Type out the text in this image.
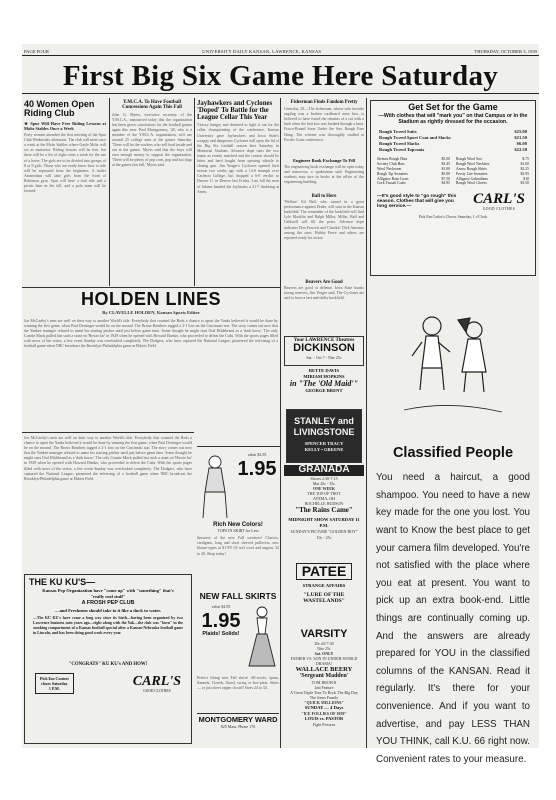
PAGE FOUR	UNIVERSITY DAILY KANSAN, LAWRENCE, KANSAS	THURSDAY, OCTOBER 5, 1939
First Big Six Game Here Saturday
40 Women Open Riding Club
★ Spur Will Have Free Riding Lessons at Mohr Stables Once a Week
Forty women attended the first meeting of the Spur Club Wednesday afternoon. The club will meet once a week at the Mohr Stables where Gayle Mohr will act as instructor. Riding lessons will be free, but there will be a fee of eight cents a week for the use of a horse. The girls are to be divided into groups of 8 or 9 girls. Those who are ready know how to ride will be separated from the beginners. A trailer Amsterdam will take girls from the front of Robinson gym. Spur will have a trail ride and a picnic later in the fall, and a polo team will be formed.
Y.M.C.A. To Have Football Concessions Again This Fall
John G. Myers, executive secretary of the Y.M.C.A., announced today that the organization has been given concessions for the football games again this year. Paul Montgomery, '40, who is a member of the Y.M.C.A. organization, will use around 25 college men at the games Saturday. 'These will be the workers who sell food inside and out at the games. Myers said that the boys will earn enough money to support the organization. 'There will be plenty of pop corn, pop and hot dogs at the games this fall,' Myers said.
Jayhawkers and Cyclones 'Doped' To Battle for the League Cellar This Year
Victory hungry and destined to fight it out for the cellar championship of the conference, Kansas University gave Jayhawkers and Iowa State's scrappy and dangerous Cyclones will open the lid of the Big Six football season here Saturday in Memorial Stadium. Advance dope rates the two teams as evenly matched and the contest should be bitter and hard fought from opening whistle to closing gun. Jim Yeager's Cyclones opened their season two weeks ago with a 14-6 triumph over Carleton College, but dropped a 6-0 verdict to Denver U. in Denver last Friday. Last fall the men of Adams handed the Jayhawks a 21-7 drubbing at Ames.
HOLDEN LINES
By CLAVELLE HOLDEN, Kansan Sports Editor
Joe McCarthy's men are well on their way to another World's title. Everybody that counted the Reds a chance to upset the Yanks believed it would be done by winning the first game, when Paul Derringer would be on the mound. The Bronx Bombers tagged a 2-1 loss on the Cincinnati star. The story comes out now that the Yankee manager refused to name his starting pitcher until just before game time. Some thought he might start Oral Hildebrand as a 'dark horse.' The only Connie Mack pulled last such a stunt on 'Howie Jar' in 1929 when he opened with Howard Ehmke, who proceeded to defeat the Cubs. With the sports pages filled with news of the series, a few event Sunday was overlooked completely. The Dodgers, who have captured the National League, pioneered the televising of a football game when NBC broadcast the Brooklyn-Philadelphia game at Ebbets Field.
Fisherman Finds Fandom Pretty
Centralia, Ill.—The fisherman, whose sole favorite angling was a broken cardboard rinse box, is believed to have found the remains of a cat with a bath when the bait box was hooked through a knot. Frisco-Bound Soon Under the Sea. Rough Fare Hung. The scheme was thoroughly studied at Pacific Coast conference.
Engineer Book Exchange To Fill
The engineering book exchange will be open today and tomorrow, a spokesman said. Engineering students may turn in books at the office of the engineering building.
Ball to Here
'Welfare' Ed Ball, who turned in a great performance against Drake, will start in the Kansas backfield. The remainder of the backfield will find Lyle Macklin and Ralph Miller, Miller, Ball and Caldwell will fill the posts. Advance dope indicates Don Fawcett and 'Chuckie' Dick Amerine among the stars. Hobby Perce and others are reported ready for action.
Beavers Are Good
Beavers are good at defense. Iowa State boasts strong reserves, Jim Yeager said. The Cyclones are said to have a fast and shifty backfield.
Get Set for the Game
—With clothes that will "mark you" on that Campus or in the Stadium as rightly dressed for the occasion.
Rough Tweed Suits	$25.00
Rough Tweed Sport Coat and Slacks	$21.50
Rough Tweed Slacks	$6.00
Rough Tweed Topcoats	$22.50
Stetson Rough Hats	$5.00
Society Club Hats	$3.45
Wool Neckwear	$1.00
Rough Tip Sweaters	$5.00
Alligator Rain Coats	$7.50
Cork Tussah Coats	$4.95
Rough Wool Sox	$.75
Rough Wool Neckties	$1.00
Arrow Rough Shirts	$2.25
Frosty Lite Sweaters	$2.95
Alligator Gabardines	$10
Rough Wool Gloves	$3.50
—It's good style to "go rough" this season. Clothes that will give you long service.—	CARL'S
GOOD CLOTHES
Pick Em Carlos's Clown, Saturday, 1 o'Clock
Your LAWRENCE Theatres
DICKINSON
Sat. - Oct 7 - Nite 25c
BETTE DAVIS
MIRIAM HOPKINS
in "The 'Old Maid'"
GEORGE BRENT
STANLEY and LIVINGSTONE
SPENCER TRACY
KELLY • GREENE
GRANADA
Shows 2:30-7:15
Mat 20c - 35c
ONE WEEK
THE TOP OF TROT
AYEMA, OH
ROCHELLE HUDSON
"The Rains Came"
MIDNIGHT SHOW SATURDAY 11 P.M.
SUNDAY'S PICTURE "GOLDEN BOY"
10c - 25c
PATEE
STRANGE AFFAIRS
"LURE OF THE WASTELANDS"
VARSITY
20c till 7:30
Nite 25c
Sat. ONLY
FATHER VS. SON IN UNDER-WORLD DRAMA!
WALLACE BEERY
'Sergeant Madden'
TOM BROWN
2nd Feature
A Great Triple Tour To Rock The Big Day
The Jones Family
"QUICK MILLIONS"
SUNDAY — 4 Days
"ICE FOLLIES OF 1939"
LOUIS vs. PASTOR
Fight Pictures
Classified People
You need a haircut, a good shampoo. You need to have a new key made for the one you lost. You want to Know the best place to get your camera film developed. You're not satisfied with the place where you eat at present. You want to pick up an extra book-end. Little things are continually coming up. And the answers are already prepared for YOU in the classified columns of the KANSAN. Read it regularly. It's there for your convenience. And if you want to advertise, and pay LESS THAN YOU THINK, call K.U. 66 right now. Convenient rates to your measure.
value $2.95
1.95
Rich New Colors!
TOPS IN SKIRT for Less
Smartest of the new Fall sweaters! Classics, cardigans, long and short sleeved pullovers, new blouse-types at $1.95! Of soft wool and angora. 32 to 40. Shop today!
NEW FALL SKIRTS
value $2.95
1.95
Plaids! Solids!
Perfect fitting new Fall skirts! All-wools, spuns, flannels, Goreds, flared, swing or box-pleat. Shirts — or just sheer zipper closed! Sizes 24 to 34.
MONTGOMERY WARD
825 Mass. Phone 170
THE KU KU'S—
Kansas Pep Organization have "come up" with "something" that's "really real stuff"
A FROSH PEP CLUB
—and Freshmen should take to it like a duck to water.
—The KU KU's have come a long way since its birth—having been organized by two Lawrence business men years ago—right along with the Yak—the club was "born" in the smoking compartment of a Kansas football special after a Kansas-Nebraska football game in Lincoln, and has been doing good work every year.
"CONGRATS" KU KU's AND HOW!
Pick Em Contest
closes Saturday
1 P.M.	CARL'S
GOOD CLOTHES
Joe McCarthy's men are well on their way to another World's title. Everybody that counted the Reds a chance to upset the Yanks believed it would be done by winning the first game, when Paul Derringer would be on the mound. The Bronx Bombers tagged a 2-1 loss on the Cincinnati star. The story comes out now that the Yankee manager refused to name his starting pitcher until just before game time. Some thought he might start Oral Hildebrand as a 'dark horse.' The only Connie Mack pulled last such a stunt on 'Howie Jar' in 1929 when he opened with Howard Ehmke, who proceeded to defeat the Cubs. With the sports pages filled with news of the series, a few event Sunday was overlooked completely. The Dodgers, who have captured the National League, pioneered the televising of a football game when NBC broadcast the Brooklyn-Philadelphia game at Ebbets Field.
